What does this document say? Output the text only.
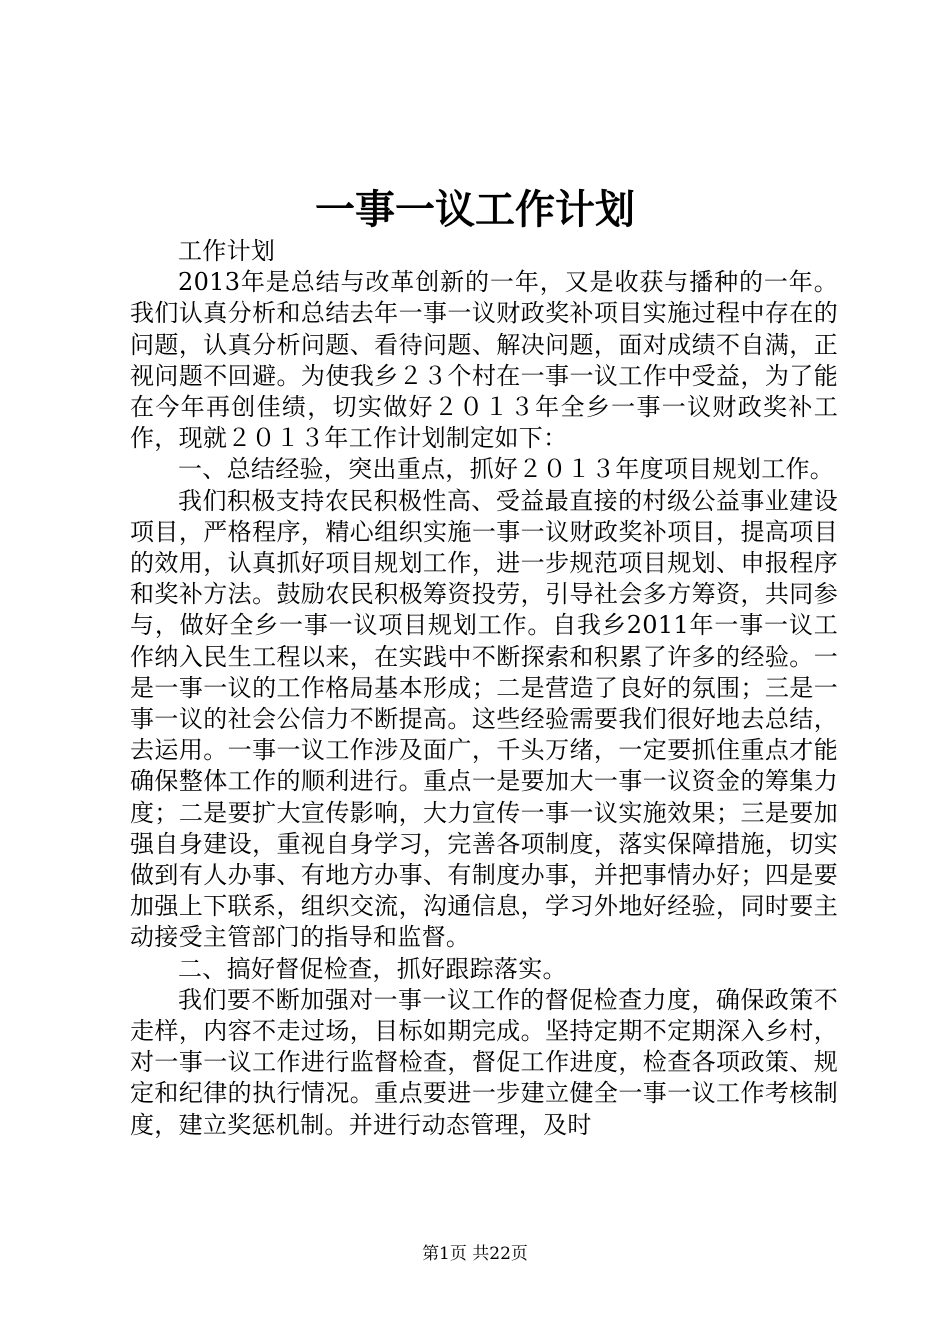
一事一议工作计划

工作计划

2013年是总结与改革创新的一年，又是收获与播种的一年。我们认真分析和总结去年一事一议财政奖补项目实施过程中存在的问题，认真分析问题、看待问题、解决问题，面对成绩不自满，正视问题不回避。为使我乡２３个村在一事一议工作中受益，为了能在今年再创佳绩，切实做好２０１３年全乡一事一议财政奖补工作，现就２０１３年工作计划制定如下：

一、总结经验，突出重点，抓好２０１３年度项目规划工作。

我们积极支持农民积极性高、受益最直接的村级公益事业建设项目，严格程序，精心组织实施一事一议财政奖补项目，提高项目的效用，认真抓好项目规划工作，进一步规范项目规划、申报程序和奖补方法。鼓励农民积极筹资投劳，引导社会多方筹资，共同参与，做好全乡一事一议项目规划工作。自我乡2011年一事一议工作纳入民生工程以来，在实践中不断探索和积累了许多的经验。一是一事一议的工作格局基本形成；二是营造了良好的氛围；三是一事一议的社会公信力不断提高。这些经验需要我们很好地去总结，去运用。一事一议工作涉及面广，千头万绪，一定要抓住重点才能确保整体工作的顺利进行。重点一是要加大一事一议资金的筹集力度；二是要扩大宣传影响，大力宣传一事一议实施效果；三是要加强自身建设，重视自身学习，完善各项制度，落实保障措施，切实做到有人办事、有地方办事、有制度办事，并把事情办好；四是要加强上下联系，组织交流，沟通信息，学习外地好经验，同时要主动接受主管部门的指导和监督。

二、搞好督促检查，抓好跟踪落实。

我们要不断加强对一事一议工作的督促检查力度，确保政策不走样，内容不走过场，目标如期完成。坚持定期不定期深入乡村，对一事一议工作进行监督检查，督促工作进度，检查各项政策、规定和纪律的执行情况。重点要进一步建立健全一事一议工作考核制度，建立奖惩机制。并进行动态管理，及时

第1页 共22页
